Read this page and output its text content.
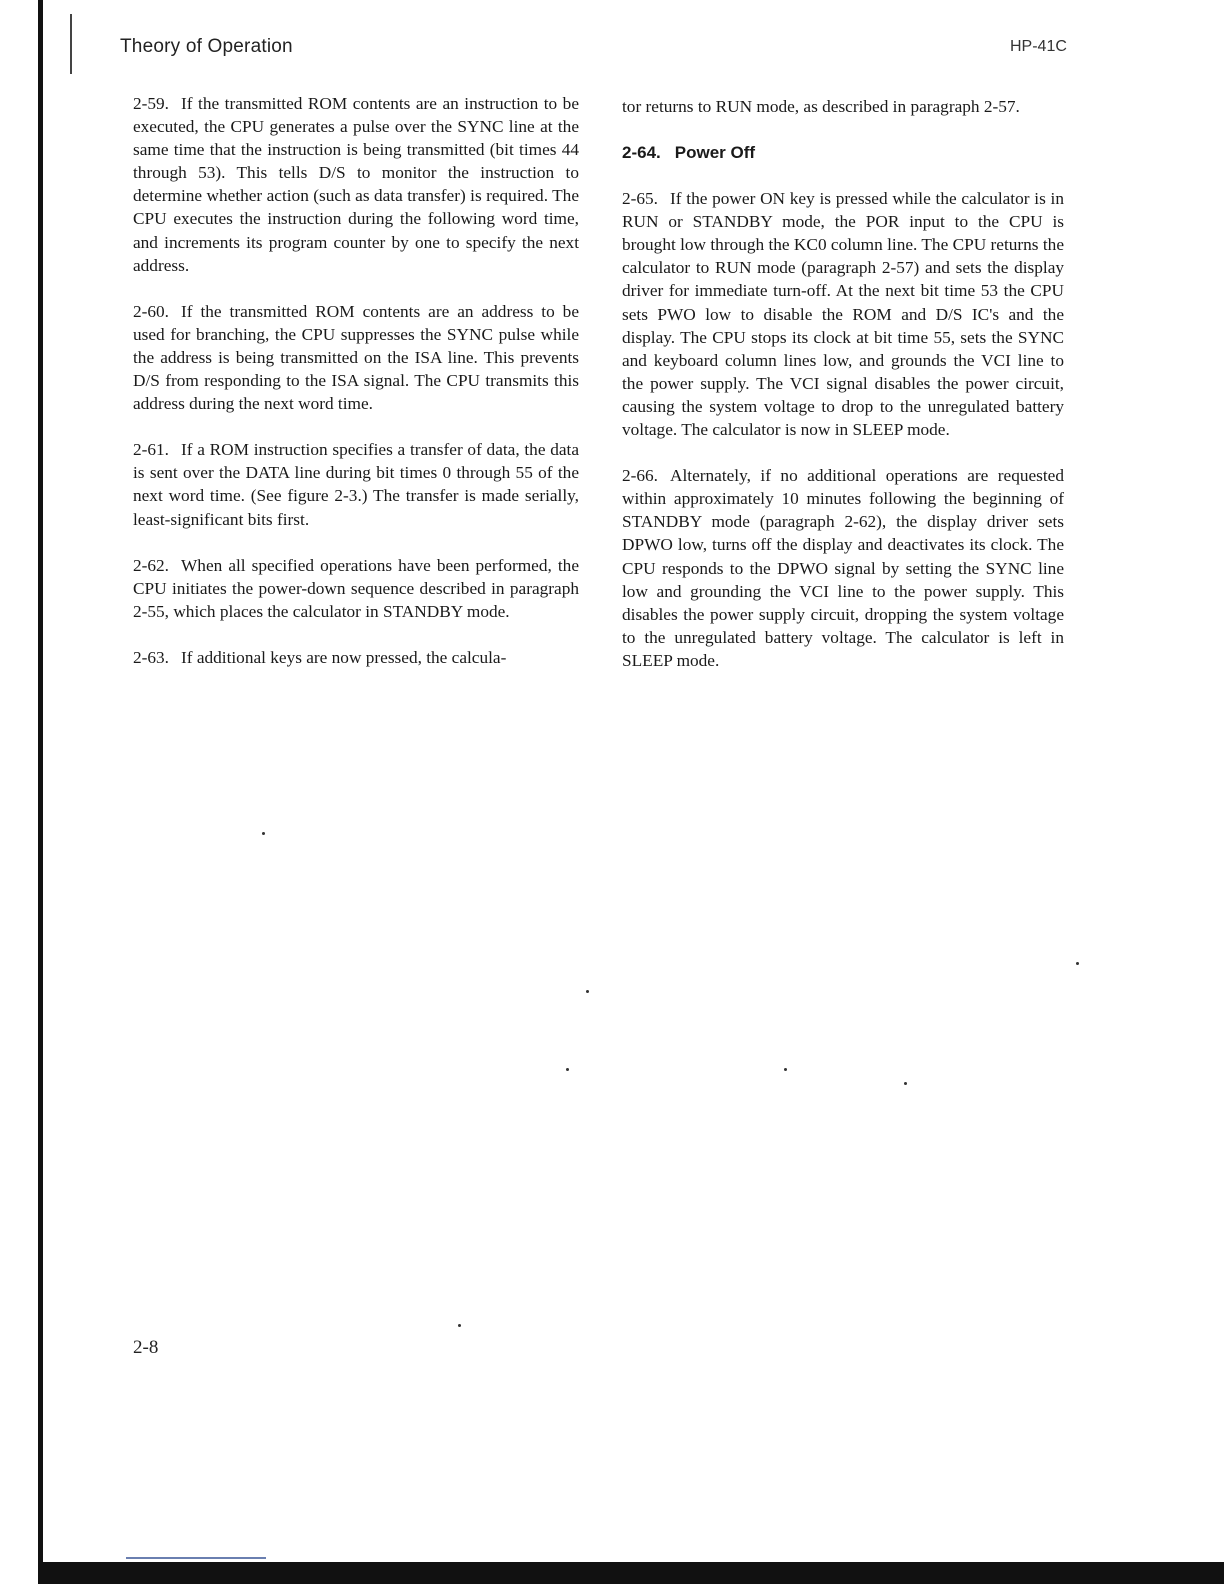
Theory of Operation	HP-41C

2-59. If the transmitted ROM contents are an instruction to be executed, the CPU generates a pulse over the SYNC line at the same time that the instruction is being transmitted (bit times 44 through 53). This tells D/S to monitor the instruction to determine whether action (such as data transfer) is required. The CPU executes the instruction during the following word time, and increments its program counter by one to specify the next address.

2-60. If the transmitted ROM contents are an address to be used for branching, the CPU suppresses the SYNC pulse while the address is being transmitted on the ISA line. This prevents D/S from responding to the ISA signal. The CPU transmits this address during the next word time.

2-61. If a ROM instruction specifies a transfer of data, the data is sent over the DATA line during bit times 0 through 55 of the next word time. (See figure 2-3.) The transfer is made serially, least-significant bits first.

2-62. When all specified operations have been performed, the CPU initiates the power-down sequence described in paragraph 2-55, which places the calculator in STANDBY mode.

2-63. If additional keys are now pressed, the calcula-

tor returns to RUN mode, as described in paragraph 2-57.

2-64. Power Off

2-65. If the power ON key is pressed while the calculator is in RUN or STANDBY mode, the POR input to the CPU is brought low through the KC0 column line. The CPU returns the calculator to RUN mode (paragraph 2-57) and sets the display driver for immediate turn-off. At the next bit time 53 the CPU sets PWO low to disable the ROM and D/S IC's and the display. The CPU stops its clock at bit time 55, sets the SYNC and keyboard column lines low, and grounds the VCI line to the power supply. The VCI signal disables the power circuit, causing the system voltage to drop to the unregulated battery voltage. The calculator is now in SLEEP mode.

2-66. Alternately, if no additional operations are requested within approximately 10 minutes following the beginning of STANDBY mode (paragraph 2-62), the display driver sets DPWO low, turns off the display and deactivates its clock. The CPU responds to the DPWO signal by setting the SYNC line low and grounding the VCI line to the power supply. This disables the power supply circuit, dropping the system voltage to the unregulated battery voltage. The calculator is left in SLEEP mode.

2-8
